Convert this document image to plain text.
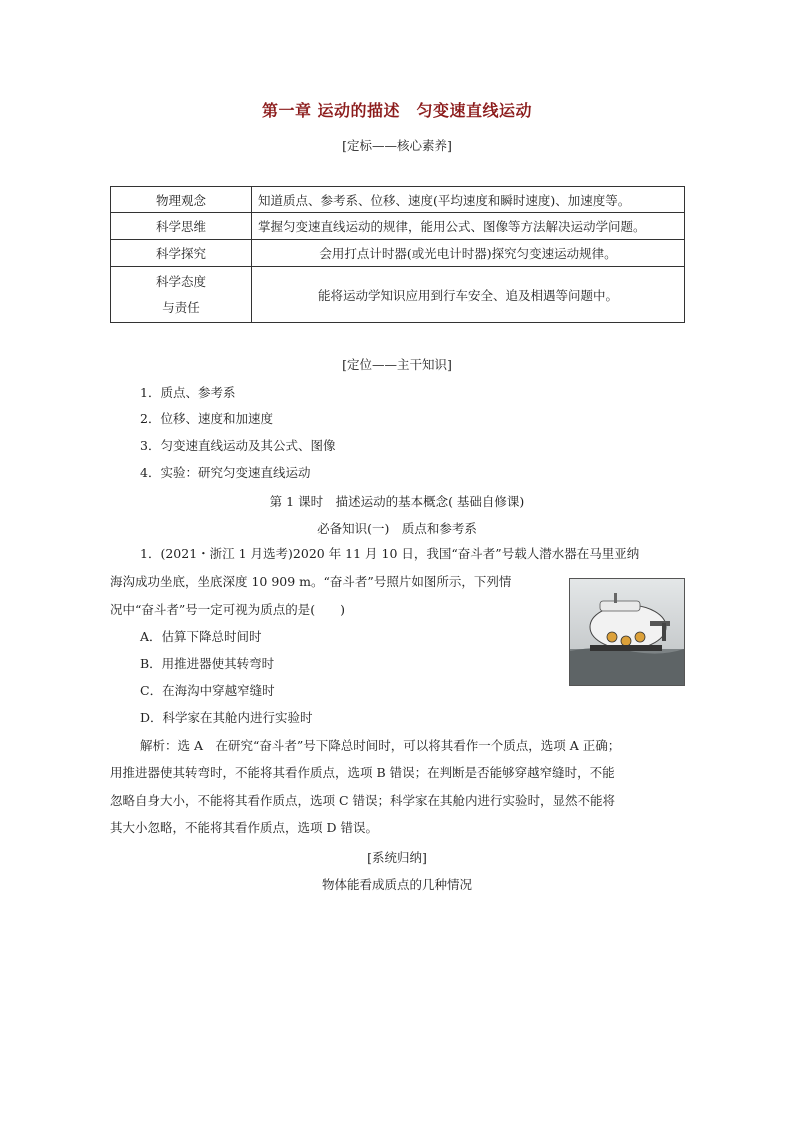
第一章 运动的描述　匀变速直线运动
[定标——核心素养]
物理观念	知道质点、参考系、位移、速度(平均速度和瞬时速度)、加速度等。
科学思维	掌握匀变速直线运动的规律，能用公式、图像等方法解决运动学问题。
科学探究	会用打点计时器(或光电计时器)探究匀变速运动规律。

科学态度
与责任	能将运动学知识应用到行车安全、追及相遇等问题中。
[定位——主干知识]
1．质点、参考系
2．位移、速度和加速度
3．匀变速直线运动及其公式、图像
4．实验：研究匀变速直线运动
第 1 课时　描述运动的基本概念( 基础自修课)
必备知识(一)　质点和参考系
1．(2021・浙江 1 月选考)2020 年 11 月 10 日，我国“奋斗者”号载人潜水器在马里亚纳
海沟成功坐底，坐底深度 10 909 m。“奋斗者”号照片如图所示，下列情
况中“奋斗者”号一定可视为质点的是(　　)
A．估算下降总时间时
B．用推进器使其转弯时
C．在海沟中穿越窄缝时
D．科学家在其舱内进行实验时
解析：选 A　在研究“奋斗者”号下降总时间时，可以将其看作一个质点，选项 A 正确；
用推进器使其转弯时，不能将其看作质点，选项 B 错误；在判断是否能够穿越窄缝时，不能
忽略自身大小，不能将其看作质点，选项 C 错误；科学家在其舱内进行实验时，显然不能将
其大小忽略，不能将其看作质点，选项 D 错误。
[系统归纳]
物体能看成质点的几种情况
